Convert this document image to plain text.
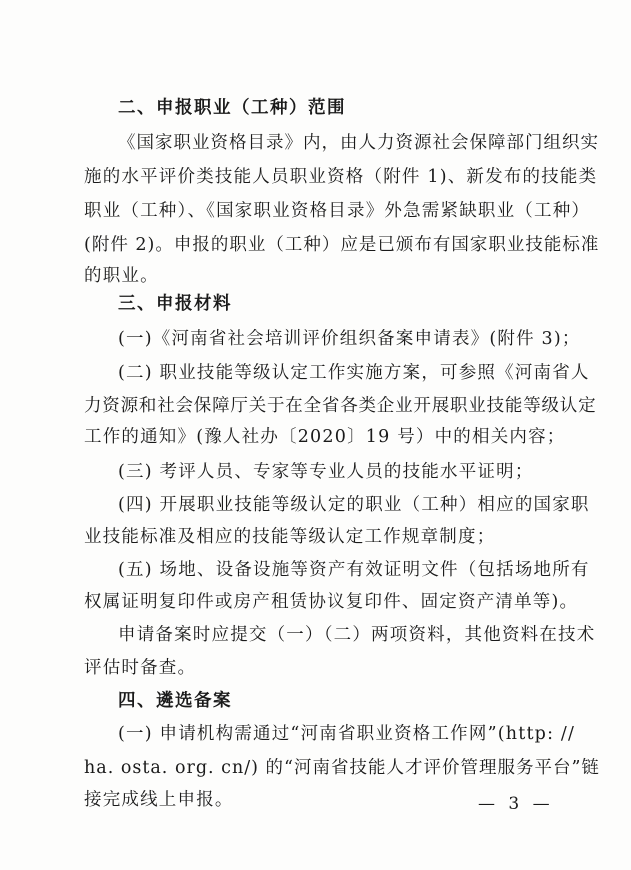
二、申报职业（工种）范围
《国家职业资格目录》内，由人力资源社会保障部门组织实
施的水平评价类技能人员职业资格（附件 1)、新发布的技能类
职业（工种）、《国家职业资格目录》外急需紧缺职业（工种）
(附件 2)。申报的职业（工种）应是已颁布有国家职业技能标准
的职业。
三、申报材料
(一)《河南省社会培训评价组织备案申请表》(附件 3)；
(二) 职业技能等级认定工作实施方案，可参照《河南省人
力资源和社会保障厅关于在全省各类企业开展职业技能等级认定
工作的通知》(豫人社办〔2020〕19 号）中的相关内容；
(三) 考评人员、专家等专业人员的技能水平证明；
(四) 开展职业技能等级认定的职业（工种）相应的国家职
业技能标准及相应的技能等级认定工作规章制度；
(五) 场地、设备设施等资产有效证明文件（包括场地所有
权属证明复印件或房产租赁协议复印件、固定资产清单等)。
申请备案时应提交（一）（二）两项资料，其他资料在技术
评估时备查。
四、遴选备案
(一) 申请机构需通过“河南省职业资格工作网”(http: //
ha. osta. org. cn/) 的“河南省技能人才评价管理服务平台”链
接完成线上申报。	— 3 —
